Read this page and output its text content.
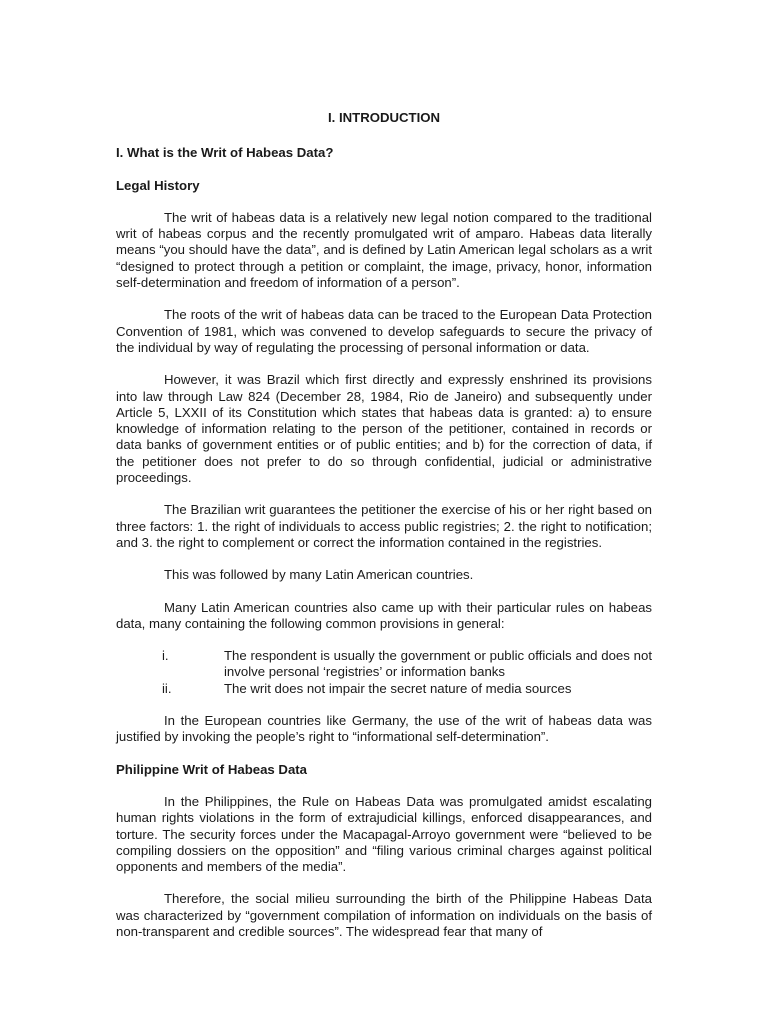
I. INTRODUCTION
I. What is the Writ of Habeas Data?
Legal History

The writ of habeas data is a relatively new legal notion compared to the traditional writ of habeas corpus and the recently promulgated writ of amparo. Habeas data literally means “you should have the data”, and is defined by Latin American legal scholars as a writ “designed to protect through a petition or complaint, the image, privacy, honor, information self-determination and freedom of information of a person”.

The roots of the writ of habeas data can be traced to the European Data Protection Convention of 1981, which was convened to develop safeguards to secure the privacy of the individual by way of regulating the processing of personal information or data.

However, it was Brazil which first directly and expressly enshrined its provisions into law through Law 824 (December 28, 1984, Rio de Janeiro) and subsequently under Article 5, LXXII of its Constitution which states that habeas data is granted: a) to ensure knowledge of information relating to the person of the petitioner, contained in records or data banks of government entities or of public entities; and b) for the correction of data, if the petitioner does not prefer to do so through confidential, judicial or administrative proceedings.

The Brazilian writ guarantees the petitioner the exercise of his or her right based on three factors: 1. the right of individuals to access public registries; 2. the right to notification; and 3. the right to complement or correct the information contained in the registries.

This was followed by many Latin American countries.

Many Latin American countries also came up with their particular rules on habeas data, many containing the following common provisions in general:

i.	The respondent is usually the government or public officials and does not involve personal ‘registries’ or information banks
ii.	The writ does not impair the secret nature of media sources

In the European countries like Germany, the use of the writ of habeas data was justified by invoking the people’s right to “informational self-determination”.

Philippine Writ of Habeas Data

In the Philippines, the Rule on Habeas Data was promulgated amidst escalating human rights violations in the form of extrajudicial killings, enforced disappearances, and torture. The security forces under the Macapagal-Arroyo government were “believed to be compiling dossiers on the opposition” and “filing various criminal charges against political opponents and members of the media”.

Therefore, the social milieu surrounding the birth of the Philippine Habeas Data was characterized by “government compilation of information on individuals on the basis of non-transparent and credible sources”. The widespread fear that many of
